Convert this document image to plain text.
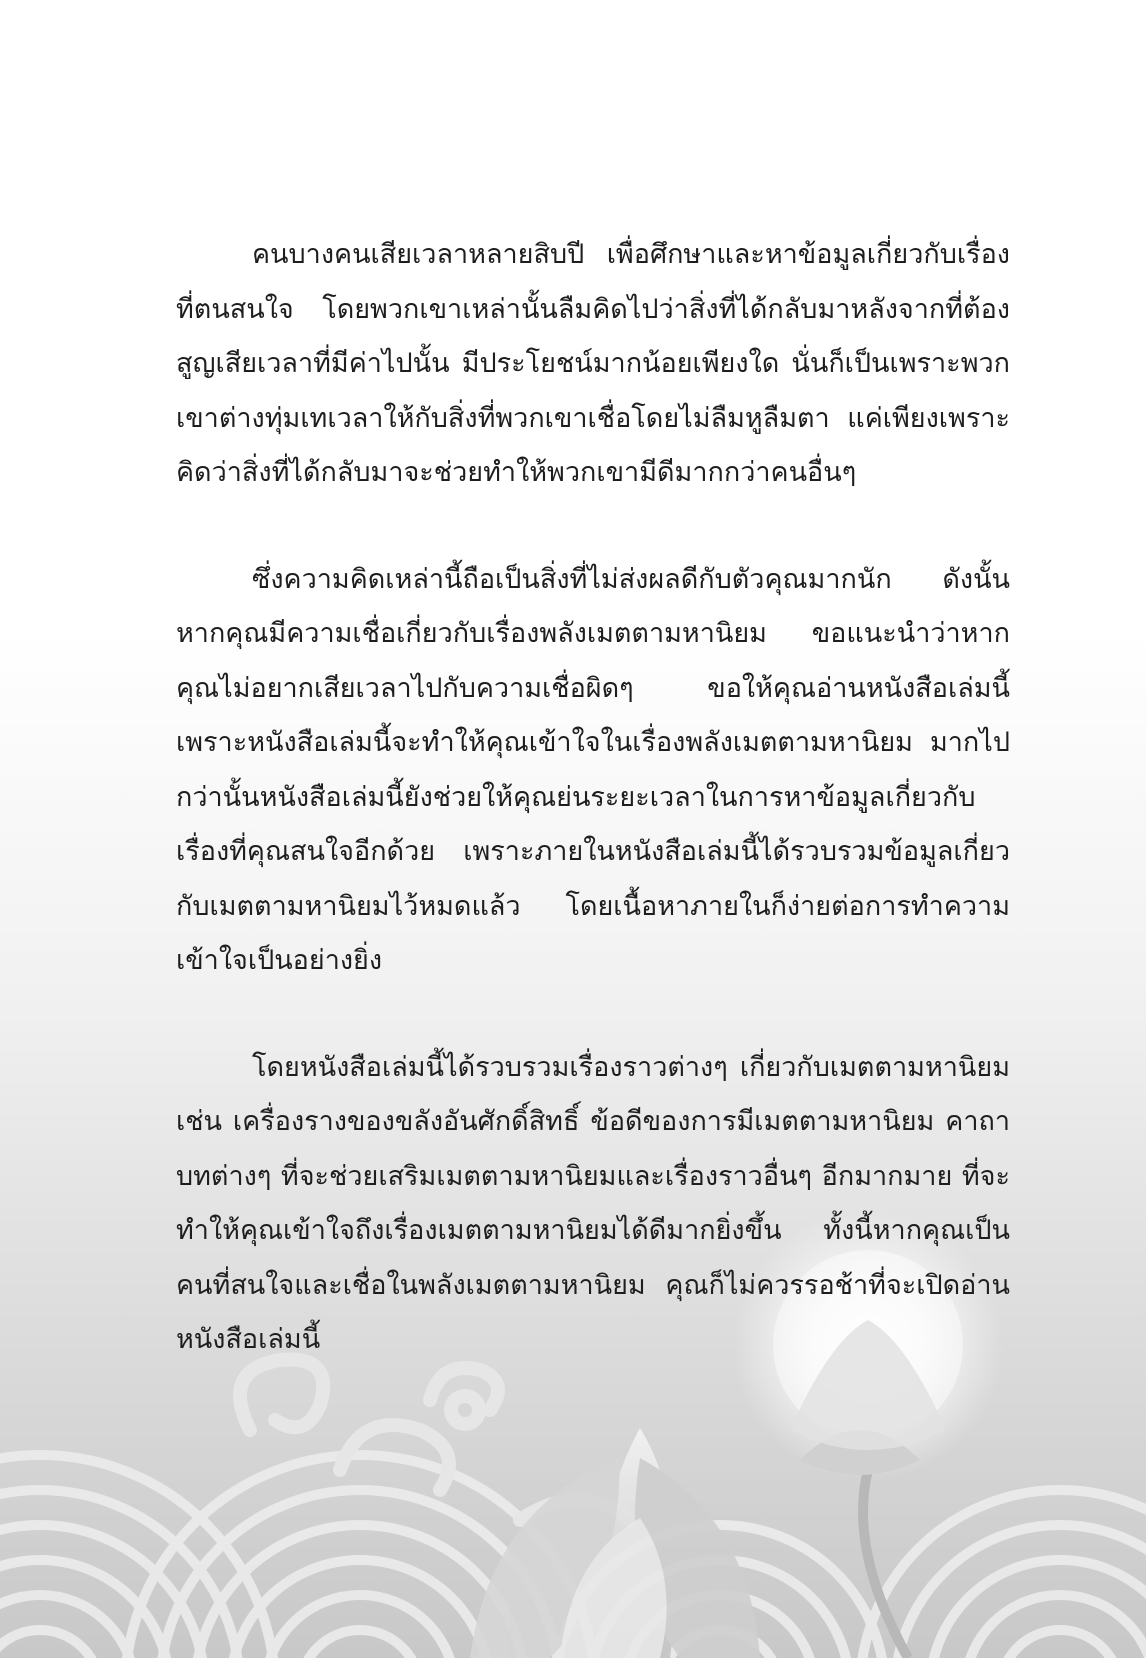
คนบางคนเสียเวลาหลายสิบปี เพื่อศึกษาและหาข้อมูลเกี่ยวกับเรื่องที่ตนสนใจ โดยพวกเขาเหล่านั้นลืมคิดไปว่าสิ่งที่ได้กลับมาหลังจากที่ต้องสูญเสียเวลาที่มีค่าไปนั้น มีประโยชน์มากน้อยเพียงใด นั่นก็เป็นเพราะพวกเขาต่างทุ่มเทเวลาให้กับสิ่งที่พวกเขาเชื่อโดยไม่ลืมหูลืมตา แค่เพียงเพราะคิดว่าสิ่งที่ได้กลับมาจะช่วยทำให้พวกเขามีดีมากกว่าคนอื่นๆ

ซึ่งความคิดเหล่านี้ถือเป็นสิ่งที่ไม่ส่งผลดีกับตัวคุณมากนัก ดังนั้นหากคุณมีความเชื่อเกี่ยวกับเรื่องพลังเมตตามหานิยม ขอแนะนำว่าหากคุณไม่อยากเสียเวลาไปกับความเชื่อผิดๆ ขอให้คุณอ่านหนังสือเล่มนี้เพราะหนังสือเล่มนี้จะทำให้คุณเข้าใจในเรื่องพลังเมตตามหานิยม มากไปกว่านั้นหนังสือเล่มนี้ยังช่วยให้คุณย่นระยะเวลาในการหาข้อมูลเกี่ยวกับเรื่องที่คุณสนใจอีกด้วย เพราะภายในหนังสือเล่มนี้ได้รวบรวมข้อมูลเกี่ยวกับเมตตามหานิยมไว้หมดแล้ว โดยเนื้อหาภายในก็ง่ายต่อการทำความเข้าใจเป็นอย่างยิ่ง

โดยหนังสือเล่มนี้ได้รวบรวมเรื่องราวต่างๆ เกี่ยวกับเมตตามหานิยม เช่น เครื่องรางของขลังอันศักดิ์สิทธิ์ ข้อดีของการมีเมตตามหานิยม คาถาบทต่างๆ ที่จะช่วยเสริมเมตตามหานิยมและเรื่องราวอื่นๆ อีกมากมาย ที่จะทำให้คุณเข้าใจถึงเรื่องเมตตามหานิยมได้ดีมากยิ่งขึ้น ทั้งนี้หากคุณเป็นคนที่สนใจและเชื่อในพลังเมตตามหานิยม คุณก็ไม่ควรรอช้าที่จะเปิดอ่านหนังสือเล่มนี้
